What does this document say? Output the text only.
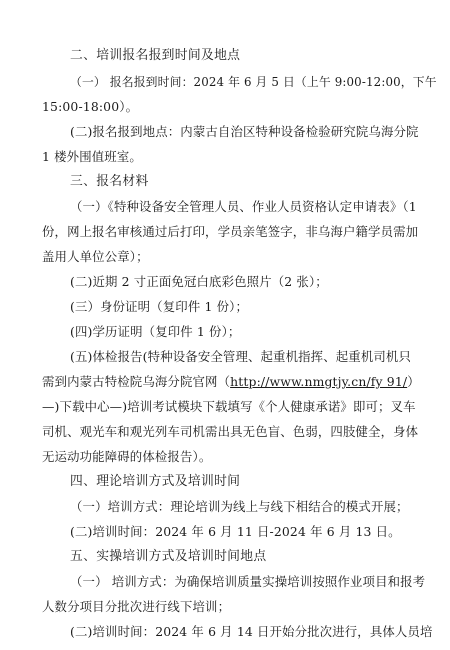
二、培训报名报到时间及地点
（一） 报名报到时间：2024 年 6 月 5 日（上午 9:00-12:00，下午
15:00-18:00）。
(二)报名报到地点：内蒙古自治区特种设备检验研究院乌海分院
1 楼外围值班室。
三、报名材料
（一）《特种设备安全管理人员、作业人员资格认定申请表》（1
份，网上报名审核通过后打印，学员亲笔签字，非乌海户籍学员需加
盖用人单位公章）；
(二)近期 2 寸正面免冠白底彩色照片（2 张）；
(三）身份证明（复印件 1 份）；
(四)学历证明（复印件 1 份）；
(五)体检报告(特种设备安全管理、起重机指挥、起重机司机只
需到内蒙古特检院乌海分院官网（http://www.nmgtjy.cn/fy 91/）
—)下载中心—)培训考试模块下载填写《个人健康承诺》即可；叉车
司机、观光车和观光列车司机需出具无色盲、色弱，四肢健全，身体
无运动功能障碍的体检报告）。
四、理论培训方式及培训时间
（一）培训方式：理论培训为线上与线下相结合的模式开展；
(二)培训时间：2024 年 6 月 11 日-2024 年 6 月 13 日。
五、实操培训方式及培训时间地点
（一） 培训方式：为确保培训质量实操培训按照作业项目和报考
人数分项目分批次进行线下培训；
(二)培训时间：2024 年 6 月 14 日开始分批次进行，具体人员培
